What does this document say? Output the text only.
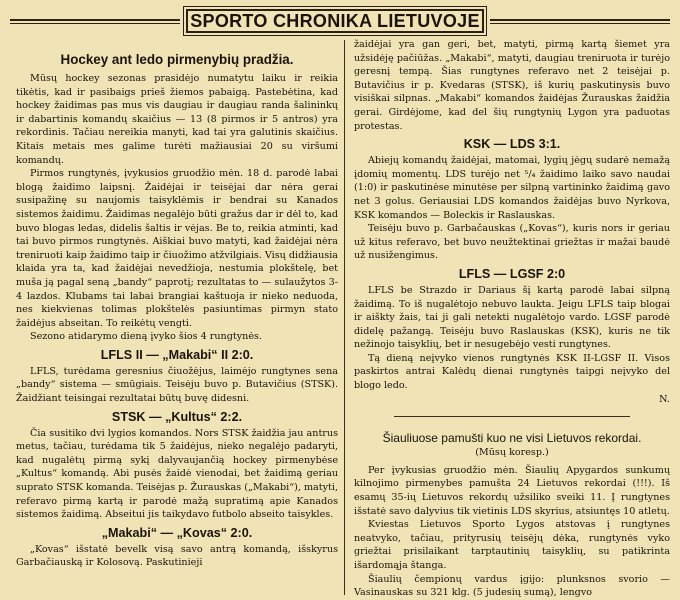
SPORTO CHRONIKA LIETUVOJE
Hockey ant ledo pirmenybių pradžia.

Mūsų hockey sezonas prasidėjo numatytu laiku ir reikia tikėtis, kad ir pasibaigs prieš žiemos pabaigą. Pastebėtina, kad hockey žaidimas pas mus vis daugiau ir daugiau randa šalininkų ir dabartinis komandų skaičius — 13 (8 pirmos ir 5 antros) yra rekordinis. Tačiau nereikia manyti, kad tai yra galutinis skaičius. Kitais metais mes galime turėti mažiausiai 20 su viršumi komandų.

Pirmos rungtynės, įvykusios gruodžio mėn. 18 d. parodė labai blogą žaidimo laipsnį. Žaidėjai ir teisėjai dar nėra gerai susipažinę su naujomis taisyklėmis ir bendrai su Kanados sistemos žaidimu. Žaidimas negalėjo būti gražus dar ir dėl to, kad buvo blogas ledas, didelis šaltis ir vėjas. Be to, reikia atminti, kad tai buvo pirmos rungtynės. Aiškiai buvo matyti, kad žaidėjai nėra treniruoti kaip žaidimo taip ir čiuožimo atžvilgiais. Visų didžiausia klaida yra ta, kad žaidėjai nevedžioja, nestumia plokštelę, bet muša ją pagal seną „bandy“ paprotį; rezultatas to — sulaužytos 3-4 lazdos. Klubams tai labai brangiai kaštuoja ir nieko neduoda, nes kiekvienas tolimas plokštelės pasiuntimas pirmyn stato žaidėjus abseitan. To reikėtų vengti.

Sezono atidarymo dieną įvyko šios 4 rungtynės.

LFLS II — „Makabi“ II 2:0.

LFLS, turėdama geresnius čiuožėjus, laimėjo rungtynes sena „bandy“ sistema — smūgiais. Teisėju buvo p. Butavičius (STSK). Žaidžiant teisingai rezultatai būtų buvę didesni.

STSK — „Kultus“ 2:2.

Čia susitiko dvi lygios komandos. Nors STSK žaidžia jau antrus metus, tačiau, turėdama tik 5 žaidėjus, nieko negalėjo padaryti, kad nugalėtų pirmą sykį dalyvaujančią hockey pirmenybėse „Kultus“ komandą. Abi pusės žaidė vienodai, bet žaidimą geriau suprato STSK komanda. Teisėjas p. Žurauskas („Makabi“), matyti, referavo pirmą kartą ir parodė mažą supratimą apie Kanados sistemos žaidimą. Abseitui jis taikydavo futbolo abseito taisykles.

„Makabi“ — „Kovas“ 2:0.

„Kovas“ išstatė bevelk visą savo antrą komandą, išskyrus Garbačiauską ir Kolosovą. Paskutinieji

žaidėjai yra gan geri, bet, matyti, pirmą kartą šiemet yra užsidėję pačiūžas. „Makabi“, matyti, daugiau treniruota ir turėjo geresnį tempą. Šias rungtynes referavo net 2 teisėjai p. Butavičius ir p. Kvedaras (STSK), iš kurių paskutinysis buvo visiškai silpnas. „Makabi“ komandos žaidėjas Žurauskas žaidžia gerai. Girdėjome, kad del šių rungtynių Lygon yra paduotas protestas.

KSK — LDS 3:1.

Abiejų komandų žaidėjai, matomai, lygių jėgų sudarė nemažą įdomių momentų. LDS turėjo net ⁵/₄ žaidimo laiko savo naudai (1:0) ir paskutinėse minutėse per silpną vartininko žaidimą gavo net 3 golus. Geriausiai LDS komandos žaidėjas buvo Nyrkova, KSK komandos — Boleckis ir Raslauskas.

Teisėju buvo p. Garbačauskas („Kovas“), kuris nors ir geriau už kitus referavo, bet buvo neužtektinai griežtas ir mažai baudė už nusižengimus.

LFLS — LGSF 2:0

LFLS be Strazdo ir Dariaus šį kartą parodė labai silpną žaidimą. To iš nugalėtojo nebuvo laukta. Jeigu LFLS taip blogai ir aiškty žais, tai ji gali netekti nugalėtojo vardo. LGSF parodė didelę pažangą. Teisėju buvo Raslauskas (KSK), kuris ne tik nežinojo taisyklių, bet ir nesugebėjo vesti rungtynes.

Tą dieną neįvyko vienos rungtynės KSK II-LGSF II. Visos paskirtos antrai Kalėdų dienai rungtynės taipgi neįvyko del blogo ledo.

N.
Šiauliuose pamušti kuo ne visi Lietuvos rekordai.
(Mūsų koresp.)

Per įvykusias gruodžio mėn. Šiaulių Apygardos sunkumų kilnojimo pirmenybes pamušta 24 Lietuvos rekordai (!!!). Iš esamų 35-ių Lietuvos rekordų užsiliko sveiki 11. Į rungtynes išstatė savo dalyvius tik vietinis LDS skyrius, atsiuntęs 10 atletų.

Kviestas Lietuvos Sporto Lygos atstovas į rungtynes neatvyko, tačiau, prityrusių teisėjų dėka, rungtynės vyko griežtai prisilaikant tarptautinių taisyklių, su patikrinta išardomąja štanga.

Šiaulių čempionų vardus įgijo: plunksnos svorio — Vasinauskas su 321 klg. (5 judesių sumą), lengvo
